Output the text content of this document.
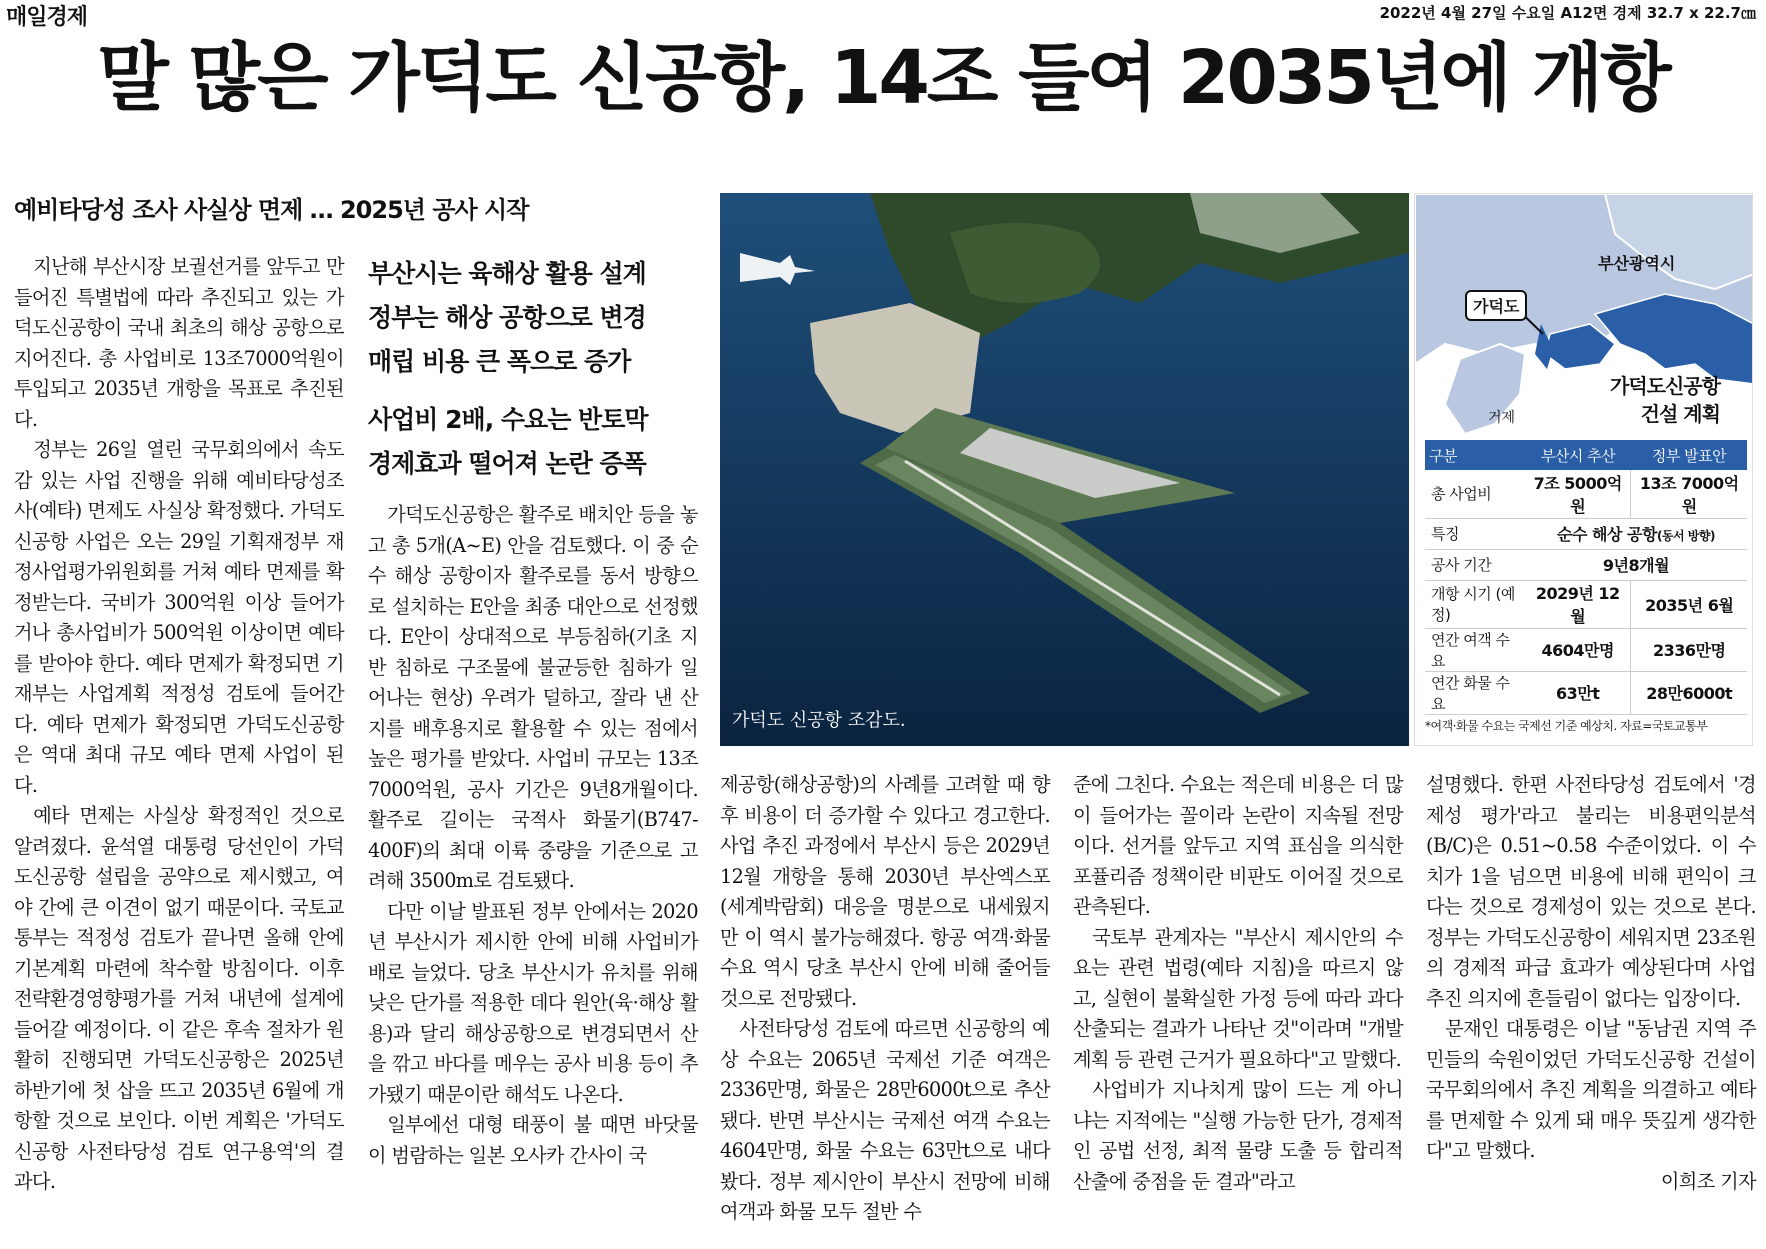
매일경제	2022년 4월 27일 수요일 A12면 경제 32.7 x 22.7㎝
말 많은 가덕도 신공항, 14조 들여 2035년에 개항
예비타당성 조사 사실상 면제 … 2025년 공사 시작

지난해 부산시장 보궐선거를 앞두고 만들어진 특별법에 따라 추진되고 있는 가덕도신공항이 국내 최초의 해상 공항으로 지어진다. 총 사업비로 13조7000억원이 투입되고 2035년 개항을 목표로 추진된다.

정부는 26일 열린 국무회의에서 속도감 있는 사업 진행을 위해 예비타당성조사(예타) 면제도 사실상 확정했다. 가덕도신공항 사업은 오는 29일 기획재정부 재정사업평가위원회를 거쳐 예타 면제를 확정받는다. 국비가 300억원 이상 들어가거나 총사업비가 500억원 이상이면 예타를 받아야 한다. 예타 면제가 확정되면 기재부는 사업계획 적정성 검토에 들어간다. 예타 면제가 확정되면 가덕도신공항은 역대 최대 규모 예타 면제 사업이 된다.

예타 면제는 사실상 확정적인 것으로 알려졌다. 윤석열 대통령 당선인이 가덕도신공항 설립을 공약으로 제시했고, 여야 간에 큰 이견이 없기 때문이다. 국토교통부는 적정성 검토가 끝나면 올해 안에 기본계획 마련에 착수할 방침이다. 이후 전략환경영향평가를 거쳐 내년에 설계에 들어갈 예정이다. 이 같은 후속 절차가 원활히 진행되면 가덕도신공항은 2025년 하반기에 첫 삽을 뜨고 2035년 6월에 개항할 것으로 보인다. 이번 계획은 '가덕도신공항 사전타당성 검토 연구용역'의 결과다.

부산시는 육해상 활용 설계
정부는 해상 공항으로 변경
매립 비용 큰 폭으로 증가
사업비 2배, 수요는 반토막
경제효과 떨어져 논란 증폭

가덕도신공항은 활주로 배치안 등을 놓고 총 5개(A~E) 안을 검토했다. 이 중 순수 해상 공항이자 활주로를 동서 방향으로 설치하는 E안을 최종 대안으로 선정했다. E안이 상대적으로 부등침하(기초 지반 침하로 구조물에 불균등한 침하가 일어나는 현상) 우려가 덜하고, 잘라 낸 산지를 배후용지로 활용할 수 있는 점에서 높은 평가를 받았다. 사업비 규모는 13조7000억원, 공사 기간은 9년8개월이다. 활주로 길이는 국적사 화물기(B747-400F)의 최대 이륙 중량을 기준으로 고려해 3500m로 검토됐다.

다만 이날 발표된 정부 안에서는 2020년 부산시가 제시한 안에 비해 사업비가 배로 늘었다. 당초 부산시가 유치를 위해 낮은 단가를 적용한 데다 원안(육·해상 활용)과 달리 해상공항으로 변경되면서 산을 깎고 바다를 메우는 공사 비용 등이 추가됐기 때문이란 해석도 나온다.

일부에선 대형 태풍이 불 때면 바닷물이 범람하는 일본 오사카 간사이 국

가덕도 신공항 조감도.
부산광역시
가덕도
거제
가덕도신공항
건설 계획
구분	부산시 추산	정부 발표안
총 사업비	7조 5000억원	13조 7000억원
특징	순수 해상 공항(동서 방향)	
공사 기간	9년8개월	
개항 시기 (예정)	2029년 12월	2035년 6월
연간 여객 수요	4604만명	2336만명
연간 화물 수요	63만t	28만6000t
*여객·화물 수요는 국제선 기준 예상치. 자료=국토교통부

제공항(해상공항)의 사례를 고려할 때 향후 비용이 더 증가할 수 있다고 경고한다. 사업 추진 과정에서 부산시 등은 2029년 12월 개항을 통해 2030년 부산엑스포(세계박람회) 대응을 명분으로 내세웠지만 이 역시 불가능해졌다. 항공 여객·화물 수요 역시 당초 부산시 안에 비해 줄어들 것으로 전망됐다.

사전타당성 검토에 따르면 신공항의 예상 수요는 2065년 국제선 기준 여객은 2336만명, 화물은 28만6000t으로 추산됐다. 반면 부산시는 국제선 여객 수요는 4604만명, 화물 수요는 63만t으로 내다봤다. 정부 제시안이 부산시 전망에 비해 여객과 화물 모두 절반 수

준에 그친다. 수요는 적은데 비용은 더 많이 들어가는 꼴이라 논란이 지속될 전망이다. 선거를 앞두고 지역 표심을 의식한 포퓰리즘 정책이란 비판도 이어질 것으로 관측된다.

국토부 관계자는 "부산시 제시안의 수요는 관련 법령(예타 지침)을 따르지 않고, 실현이 불확실한 가정 등에 따라 과다 산출되는 결과가 나타난 것"이라며 "개발 계획 등 관련 근거가 필요하다"고 말했다.

사업비가 지나치게 많이 드는 게 아니냐는 지적에는 "실행 가능한 단가, 경제적인 공법 선정, 최적 물량 도출 등 합리적 산출에 중점을 둔 결과"라고

설명했다. 한편 사전타당성 검토에서 '경제성 평가'라고 불리는 비용편익분석(B/C)은 0.51~0.58 수준이었다. 이 수치가 1을 넘으면 비용에 비해 편익이 크다는 것으로 경제성이 있는 것으로 본다. 정부는 가덕도신공항이 세워지면 23조원의 경제적 파급 효과가 예상된다며 사업 추진 의지에 흔들림이 없다는 입장이다.

문재인 대통령은 이날 "동남권 지역 주민들의 숙원이었던 가덕도신공항 건설이 국무회의에서 추진 계획을 의결하고 예타를 면제할 수 있게 돼 매우 뜻깊게 생각한다"고 말했다.

이희조 기자
